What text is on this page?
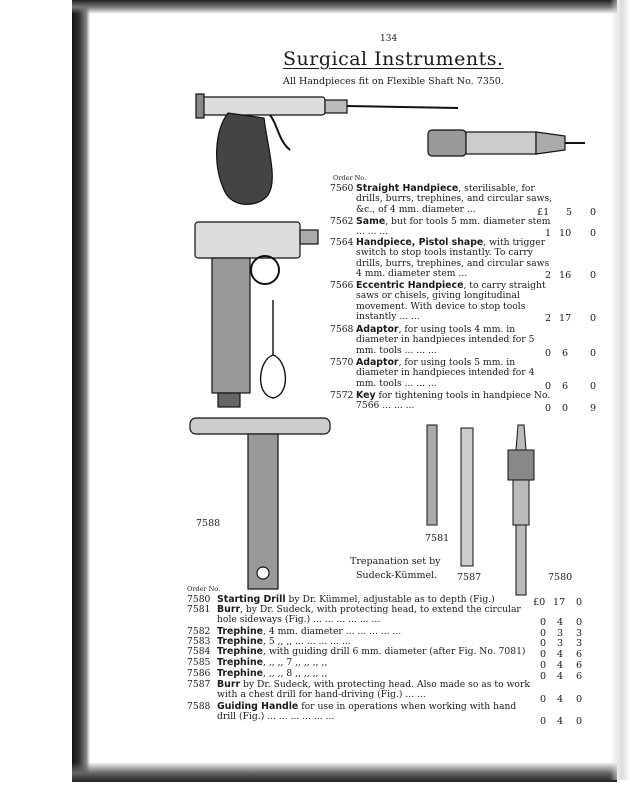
134
Surgical Instruments.
All Handpieces fit on Flexible Shaft No. 7350.
Order No.
Order No.
7560 Straight Handpiece, sterilisable, for drills, burrs, trephines, and circular saws, &c., of 4 mm. diameter ...	£1 5 0
7562 Same, but for tools 5 mm. diameter stem ... ... ...	1 10 0
7564 Handpiece, Pistol shape, with trigger switch to stop tools instantly. To carry drills, burrs, trephines, and circular saws 4 mm. diameter stem ...	2 16 0
7566 Eccentric Handpiece, to carry straight saws or chisels, giving longitudinal movement. With device to stop tools instantly ... ...	2 17 0
7568 Adaptor, for using tools 4 mm. in diameter in handpieces intended for 5 mm. tools ... ... ...	0 6 0
7570 Adaptor, for using tools 5 mm. in diameter in handpieces intended for 4 mm. tools ... ... ...	0 6 0
7572 Key for tightening tools in handpiece No. 7566 ... ... ...	0 0 9
7588
7581
7587	7580
Trepanation set by
Sudeck-Kümmel.
7580 Starting Drill by Dr. Kümmel, adjustable as to depth (Fig.)	£0 17 0
7581 Burr, by Dr. Sudeck, with protecting head, to extend the circular hole sideways (Fig.) ... ... ... ... ... ...	0 4 0
7582 Trephine, 4 mm. diameter ... ... ... ... ...	0 3 3
7583 Trephine, 5 ,, ,, ... ... ... ... ...	0 3 3
7584 Trephine, with guiding drill 6 mm. diameter (after Fig. No. 7081)	0 4 6
7585 Trephine, ,, ,, 7 ,, ,, ,, ,,	0 4 6
7586 Trephine, ,, ,, 8 ,, ,, ,, ,,	0 4 6
7587 Burr by Dr. Sudeck, with protecting head. Also made so as to work with a chest drill for hand-driving (Fig.) ... ...	0 4 0
7588 Guiding Handle for use in operations when working with hand drill (Fig.) ... ... ... ... ... ...	0 4 0
